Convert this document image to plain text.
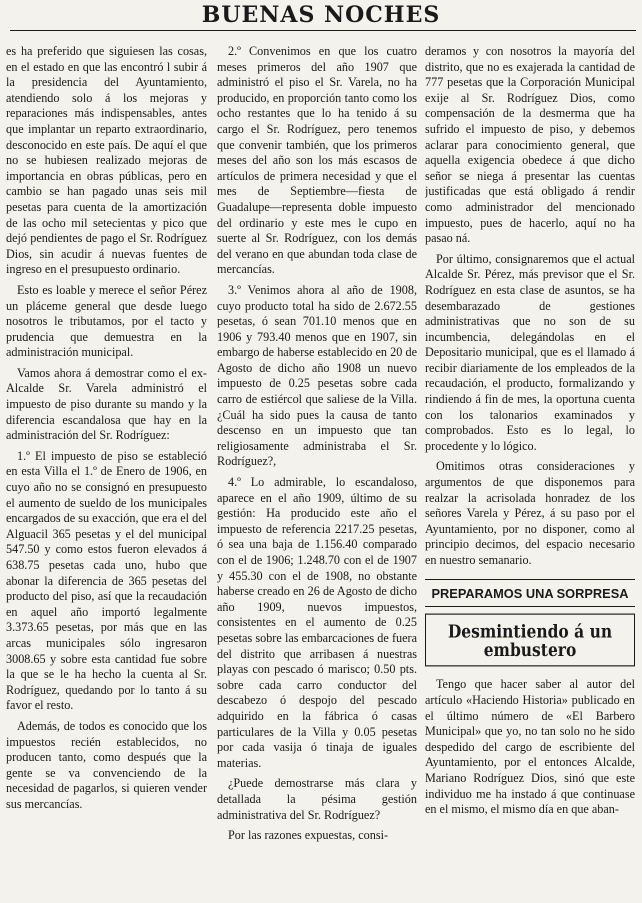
BUENAS NOCHES

es ha preferido que siguiesen las cosas, en el estado en que las encontró l subir á la presidencia del Ayuntamiento, atendiendo solo á los mejoras y reparaciones más indispensables, antes que implantar un reparto extraordinario, desconocido en este país. De aquí el que no se hubiesen realizado mejoras de importancia en obras públicas, pero en cambio se han pagado unas seis mil pesetas para cuenta de la amortización de las ocho mil setecientas y pico que dejó pendientes de pago el Sr. Rodríguez Dios, sin acudir á nuevas fuentes de ingreso en el presupuesto ordinario.

Esto es loable y merece el señor Pérez un pláceme general que desde luego nosotros le tributamos, por el tacto y prudencia que demuestra en la administración municipal.

Vamos ahora á demostrar como el ex-Alcalde Sr. Varela administró el impuesto de piso durante su mando y la diferencia escandalosa que hay en la administración del Sr. Rodríguez:

1.º El impuesto de piso se estableció en esta Villa el 1.º de Enero de 1906, en cuyo año no se consignó en presupuesto el aumento de sueldo de los municipales encargados de su exacción, que era el del Alguacil 365 pesetas y el del municipal 547.50 y como estos fueron elevados á 638.75 pesetas cada uno, hubo que abonar la diferencia de 365 pesetas del producto del piso, así que la recaudación en aquel año importó legalmente 3.373.65 pesetas, por más que en las arcas municipales sólo ingresaron 3008.65 y sobre esta cantidad fue sobre la que se le ha hecho la cuenta al Sr. Rodríguez, quedando por lo tanto á su favor el resto.

Además, de todos es conocido que los impuestos recién establecidos, no producen tanto, como después que la gente se va convenciendo de la necesidad de pagarlos, si quieren vender sus mercancías.

2.º Convenimos en que los cuatro meses primeros del año 1907 que administró el piso el Sr. Varela, no ha producido, en proporción tanto como los ocho restantes que lo ha tenido á su cargo el Sr. Rodríguez, pero tenemos que convenir también, que los primeros meses del año son los más escasos de artículos de primera necesidad y que el mes de Septiembre—fiesta de Guadalupe—representa doble impuesto del ordinario y este mes le cupo en suerte al Sr. Rodríguez, con los demás del verano en que abundan toda clase de mercancías.

3.º Venimos ahora al año de 1908, cuyo producto total ha sido de 2.672.55 pesetas, ó sean 701.10 menos que en 1906 y 793.40 menos que en 1907, sin embargo de haberse establecido en 20 de Agosto de dicho año 1908 un nuevo impuesto de 0.25 pesetas sobre cada carro de estiércol que saliese de la Villa. ¿Cuál ha sido pues la causa de tanto descenso en un impuesto que tan religiosamente administraba el Sr. Rodríguez?,

4.º Lo admirable, lo escandaloso, aparece en el año 1909, último de su gestión: Ha producido este año el impuesto de referencia 2217.25 pesetas, ó sea una baja de 1.156.40 comparado con el de 1906; 1.248.70 con el de 1907 y 455.30 con el de 1908, no obstante haberse creado en 26 de Agosto de dicho año 1909, nuevos impuestos, consistentes en el aumento de 0.25 pesetas sobre las embarcaciones de fuera del distrito que arribasen á nuestras playas con pescado ó marisco; 0.50 pts. sobre cada carro conductor del descabezo ó despojo del pescado adquirido en la fábrica ó casas particulares de la Villa y 0.05 pesetas por cada vasija ó tinaja de iguales materias.

¿Puede demostrarse más clara y detallada la pésima gestión administrativa del Sr. Rodríguez?

Por las razones expuestas, consi-

deramos y con nosotros la mayoría del distrito, que no es exajerada la cantidad de 777 pesetas que la Corporación Municipal exije al Sr. Rodríguez Dios, como compensación de la desmerma que ha sufrido el impuesto de piso, y debemos aclarar para conocimiento general, que aquella exigencia obedece á que dicho señor se niega á presentar las cuentas justificadas que está obligado á rendir como administrador del mencionado impuesto, pues de hacerlo, aquí no ha pasao ná.

Por último, consignaremos que el actual Alcalde Sr. Pérez, más previsor que el Sr. Rodríguez en esta clase de asuntos, se ha desembarazado de gestiones administrativas que no son de su incumbencia, delegándolas en el Depositario municipal, que es el llamado á recibir diariamente de los empleados de la recaudación, el producto, formalizando y rindiendo á fin de mes, la oportuna cuenta con los talonarios examinados y comprobados. Esto es lo legal, lo procedente y lo lógico.

Omitimos otras consideraciones y argumentos de que disponemos para realzar la acrisolada honradez de los señores Varela y Pérez, á su paso por el Ayuntamiento, por no disponer, como al principio decimos, del espacio necesario en nuestro semanario.

PREPARAMOS UNA SORPRESA
Desmintiendo á un embustero

Tengo que hacer saber al autor del artículo «Haciendo Historia» publicado en el último número de «El Barbero Municipal» que yo, no tan solo no he sido despedido del cargo de escribiente del Ayuntamiento, por el entonces Alcalde, Mariano Rodríguez Dios, sinó que este individuo me ha instado á que continuase en el mismo, el mismo día en que aban-
